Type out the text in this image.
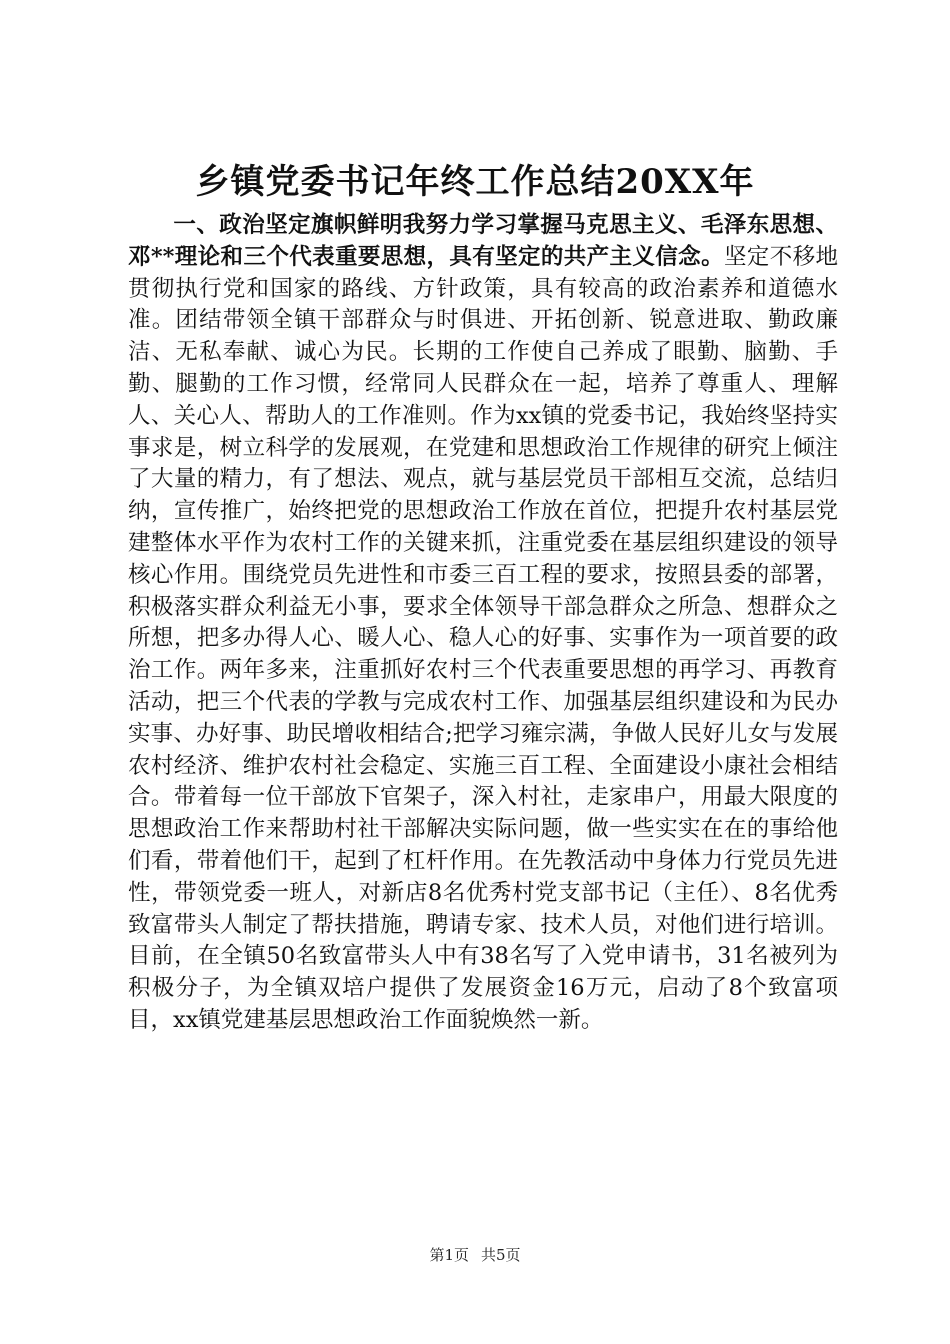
乡镇党委书记年终工作总结20XX年

一、政治坚定旗帜鲜明我努力学习掌握马克思主义、毛泽东思想、邓**理论和三个代表重要思想，具有坚定的共产主义信念。坚定不移地贯彻执行党和国家的路线、方针政策，具有较高的政治素养和道德水准。团结带领全镇干部群众与时俱进、开拓创新、锐意进取、勤政廉洁、无私奉献、诚心为民。长期的工作使自己养成了眼勤、脑勤、手勤、腿勤的工作习惯，经常同人民群众在一起，培养了尊重人、理解人、关心人、帮助人的工作准则。作为xx镇的党委书记，我始终坚持实事求是，树立科学的发展观，在党建和思想政治工作规律的研究上倾注了大量的精力，有了想法、观点，就与基层党员干部相互交流，总结归纳，宣传推广，始终把党的思想政治工作放在首位，把提升农村基层党建整体水平作为农村工作的关键来抓，注重党委在基层组织建设的领导核心作用。围绕党员先进性和市委三百工程的要求，按照县委的部署，积极落实群众利益无小事，要求全体领导干部急群众之所急、想群众之所想，把多办得人心、暖人心、稳人心的好事、实事作为一项首要的政治工作。两年多来，注重抓好农村三个代表重要思想的再学习、再教育活动，把三个代表的学教与完成农村工作、加强基层组织建设和为民办实事、办好事、助民增收相结合;把学习雍宗满，争做人民好儿女与发展农村经济、维护农村社会稳定、实施三百工程、全面建设小康社会相结合。带着每一位干部放下官架子，深入村社，走家串户，用最大限度的思想政治工作来帮助村社干部解决实际问题，做一些实实在在的事给他们看，带着他们干，起到了杠杆作用。在先教活动中身体力行党员先进性，带领党委一班人，对新店8名优秀村党支部书记（主任）、8名优秀致富带头人制定了帮扶措施，聘请专家、技术人员，对他们进行培训。目前，在全镇50名致富带头人中有38名写了入党申请书，31名被列为积极分子，为全镇双培户提供了发展资金16万元，启动了8个致富项目，xx镇党建基层思想政治工作面貌焕然一新。

第1页 共5页
